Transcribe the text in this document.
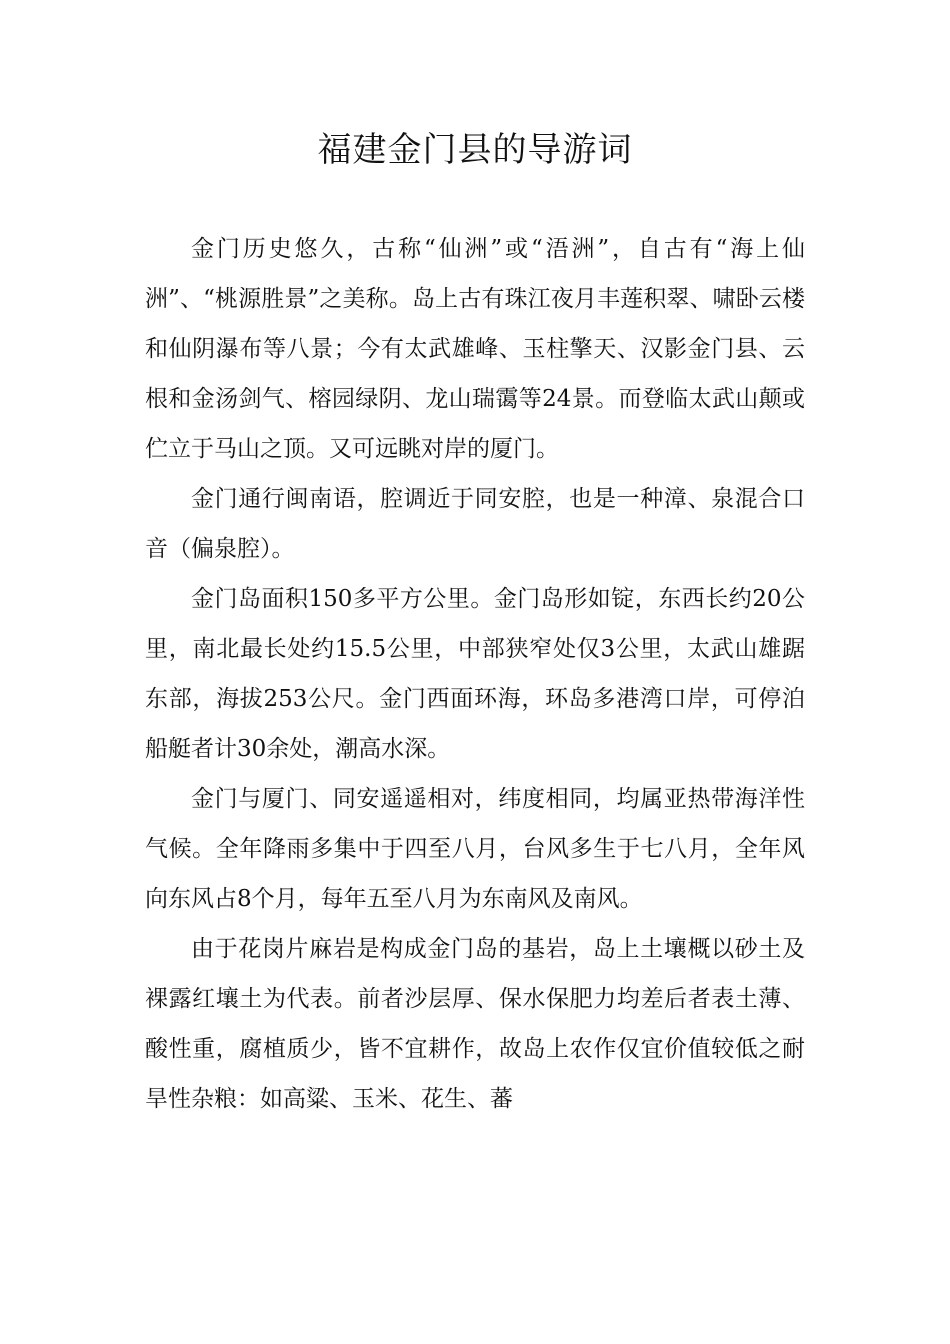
福建金门县的导游词

金门历史悠久，古称“仙洲”或“浯洲”，自古有“海上仙洲”、“桃源胜景”之美称。岛上古有珠江夜月丰莲积翠、啸卧云楼和仙阴瀑布等八景；今有太武雄峰、玉柱擎天、汉影金门县、云根和金汤剑气、榕园绿阴、龙山瑞霭等24景。而登临太武山颠或伫立于马山之顶。又可远眺对岸的厦门。

金门通行闽南语，腔调近于同安腔，也是一种漳、泉混合口音（偏泉腔）。

金门岛面积150多平方公里。金门岛形如锭，东西长约20公里，南北最长处约15.5公里，中部狭窄处仅3公里，太武山雄踞东部，海拔253公尺。金门西面环海，环岛多港湾口岸，可停泊船艇者计30余处，潮高水深。

金门与厦门、同安遥遥相对，纬度相同，均属亚热带海洋性气候。全年降雨多集中于四至八月，台风多生于七八月，全年风向东风占8个月，每年五至八月为东南风及南风。

由于花岗片麻岩是构成金门岛的基岩，岛上土壤概以砂土及裸露红壤土为代表。前者沙层厚、保水保肥力均差后者表土薄、酸性重，腐植质少，皆不宜耕作，故岛上农作仅宜价值较低之耐旱性杂粮：如高粱、玉米、花生、蕃
